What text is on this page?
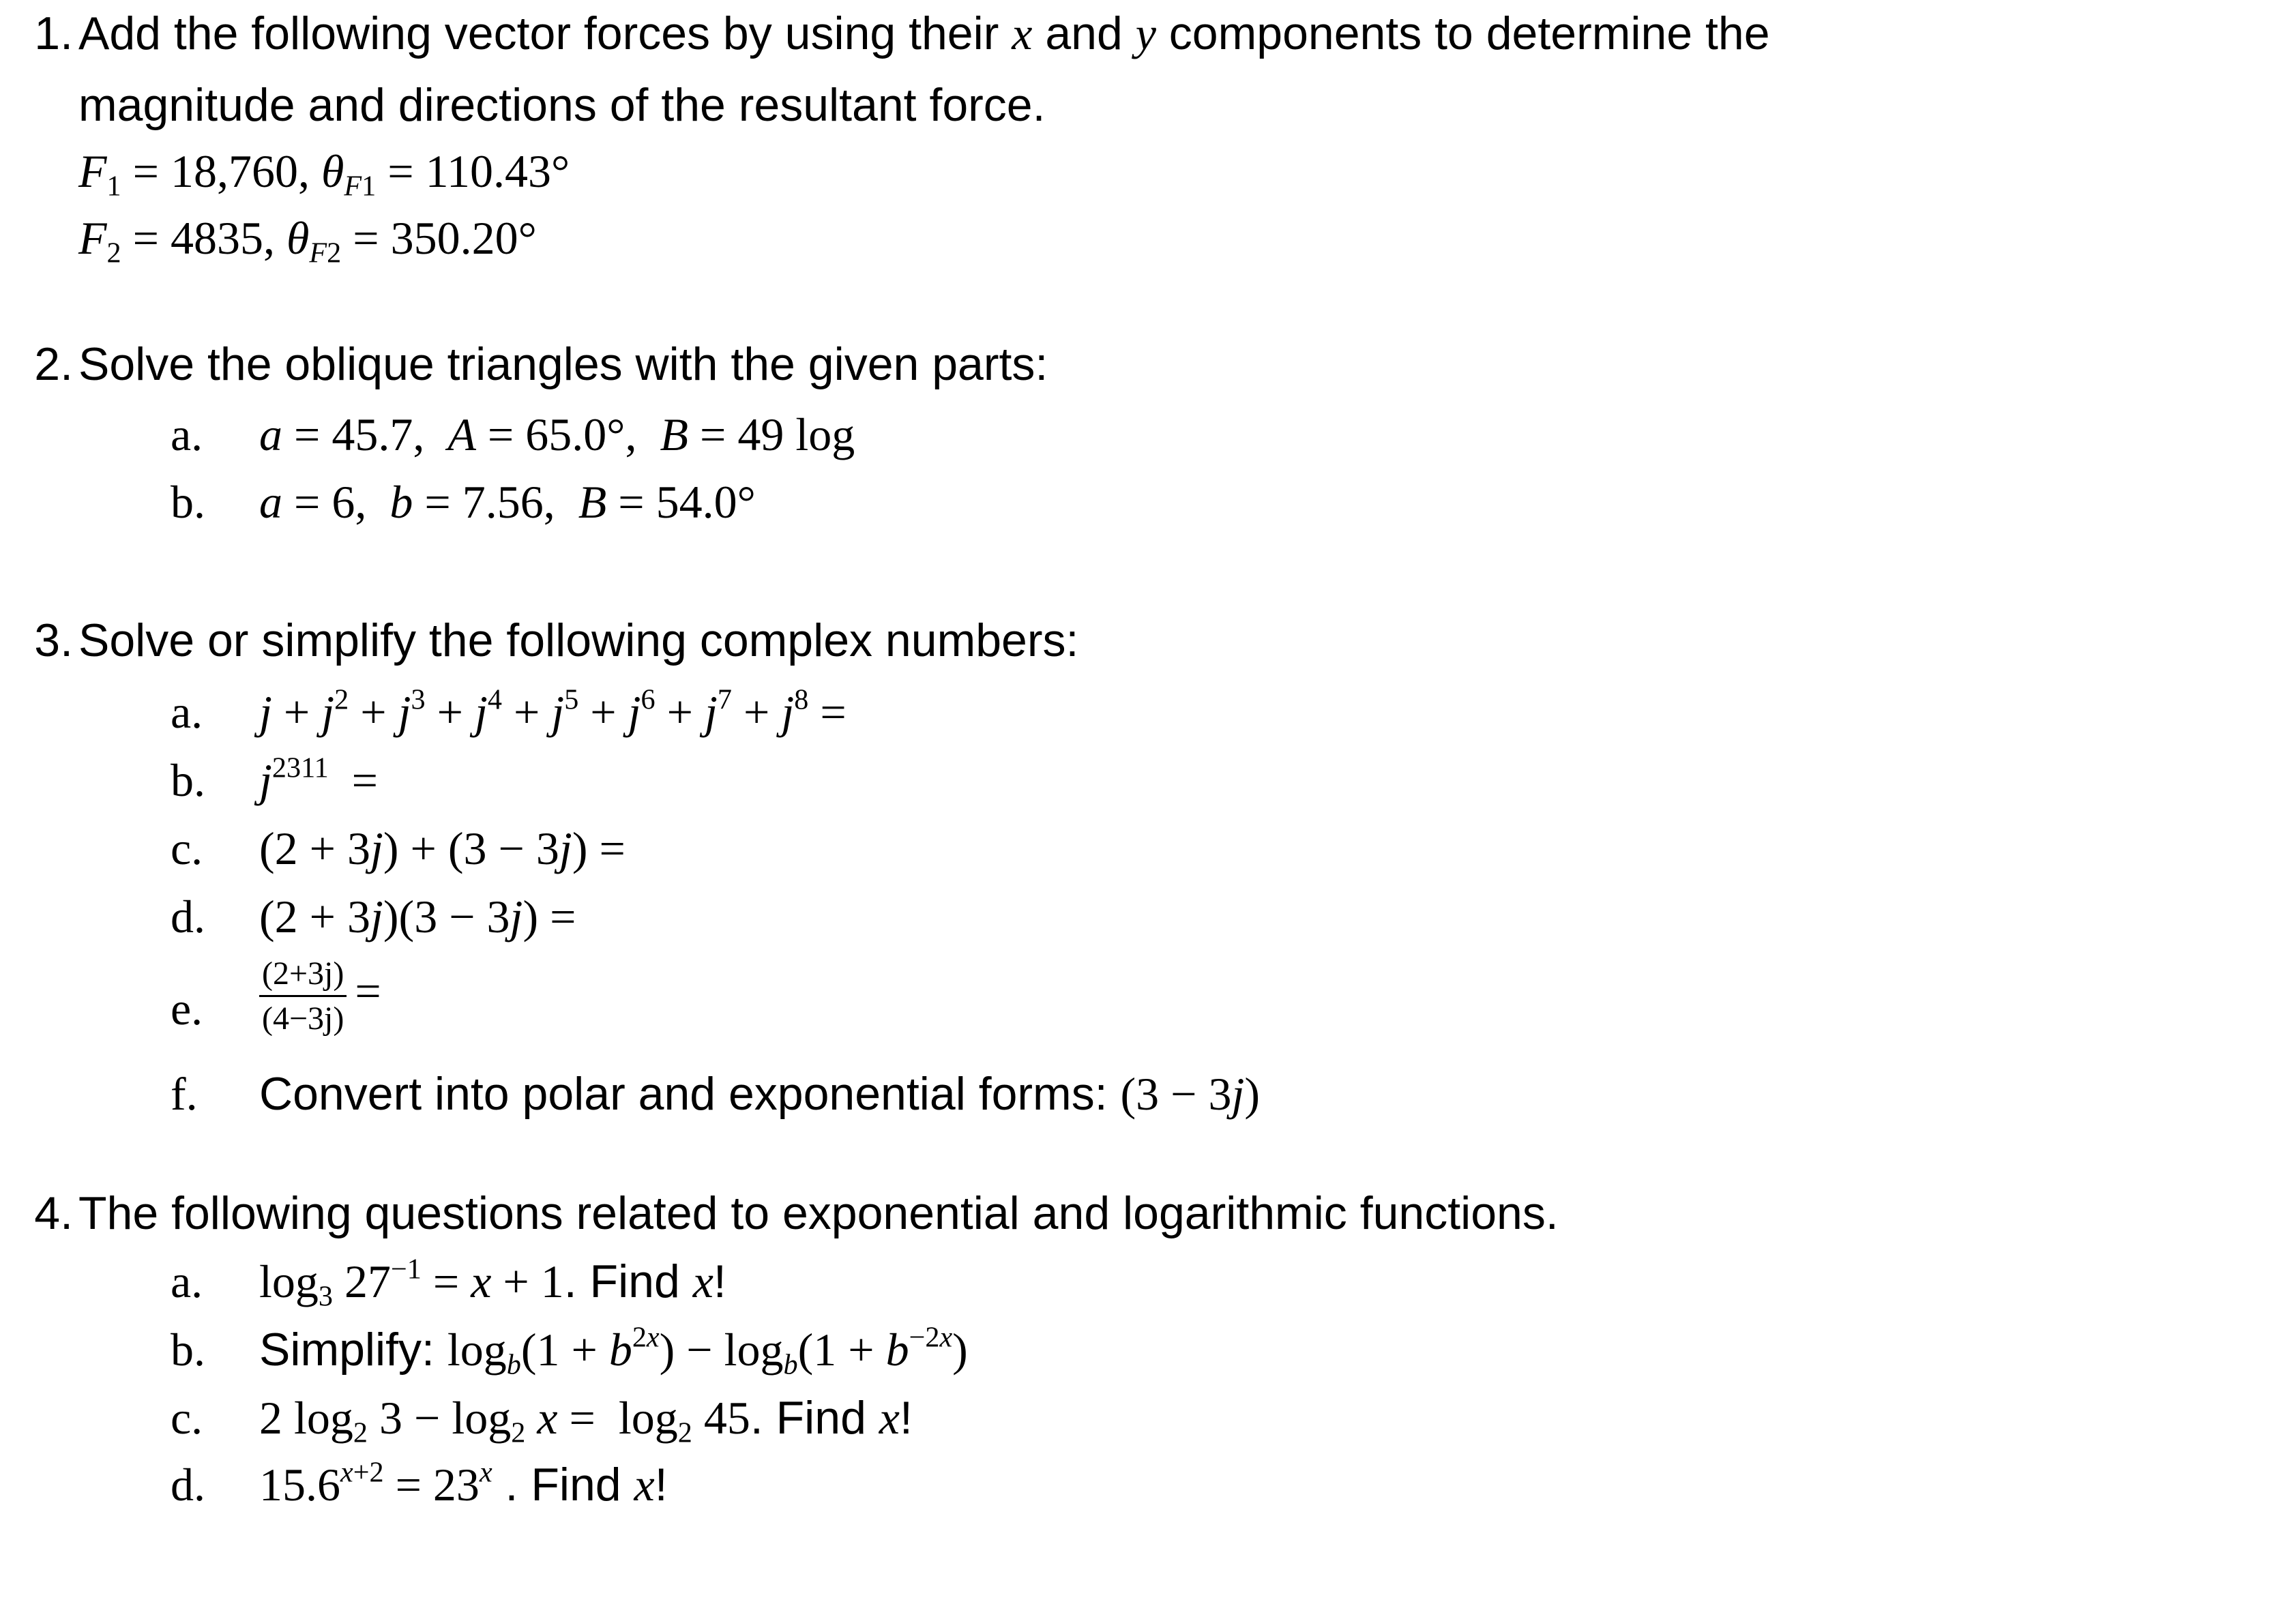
1. Add the following vector forces by using their x and y components to determine the
magnitude and directions of the resultant force.
$F_1 = 18,760$, $\theta_{F1} = 110.43^\circ$
$F_2 = 4835$, $\theta_{F2} = 350.20^\circ$
2. Solve the oblique triangles with the given parts:
a. a = 45.7,  A = 65.0°,  B = 49 log
b. a = 6,  b = 7.56,  B = 54.0°
3. Solve or simplify the following complex numbers:
a. $j + j^2 + j^3 + j^4 + j^5 + j^6 + j^7 + j^8$ =
b. $j^{2311}$  =
c. (2 + 3j) + (3 − 3j) =
d. (2 + 3j)(3 − 3j) =
e. $\frac{(2+3j)}{(4-3j)}$ =
f. Convert into polar and exponential forms: (3 − 3j)
4. The following questions related to exponential and logarithmic functions.
a. $\log_3 27^{-1} = x + 1$. Find x!
b. Simplify: $\log_b(1 + b^{2x}) - \log_b(1 + b^{-2x})$
c. 2 $\log_2 3 - \log_2 x = \log_2 45$. Find x!
d. $15.6^{x+2} = 23^x$ . Find x!
